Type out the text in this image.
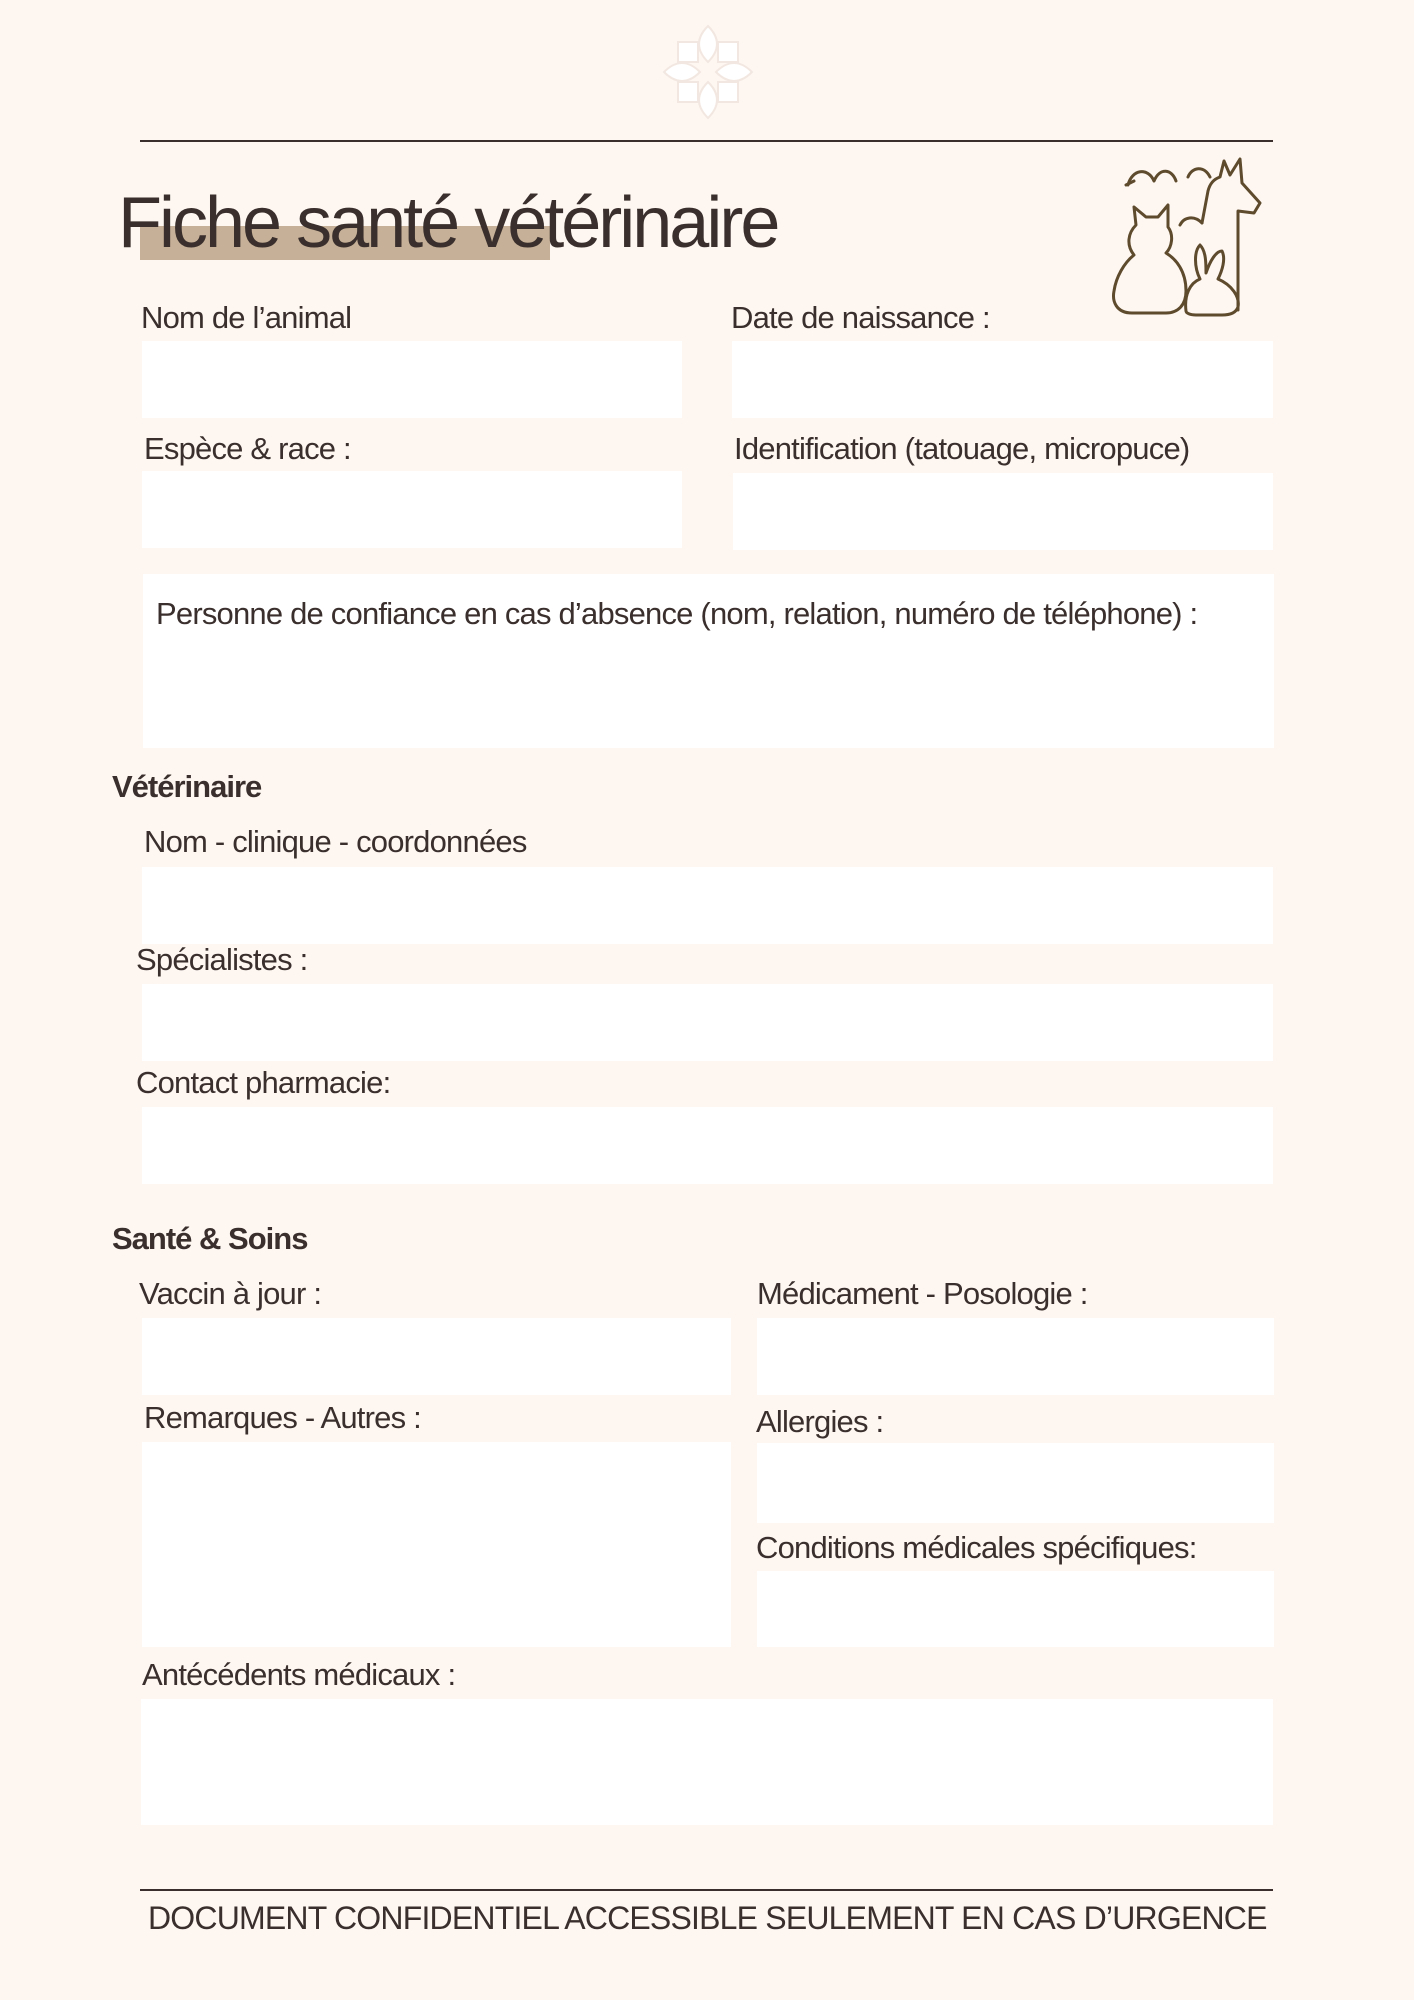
Fiche santé vétérinaire
Nom de l’animal	Date de naissance :
Espèce & race :	Identification (tatouage, micropuce)
Personne de confiance en cas d’absence (nom, relation, numéro de téléphone) :
Vétérinaire
Nom - clinique - coordonnées
Spécialistes :
Contact pharmacie:
Santé & Soins
Vaccin à jour :	Médicament - Posologie :
Remarques - Autres :	Allergies :
Conditions médicales spécifiques:
Antécédents médicaux :
DOCUMENT CONFIDENTIEL ACCESSIBLE SEULEMENT EN CAS D’URGENCE
